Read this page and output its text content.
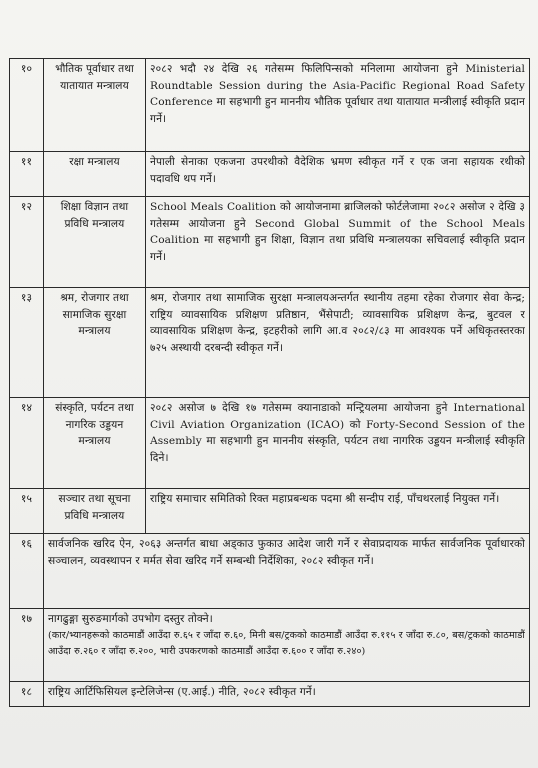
१०	भौतिक पूर्वाधार तथा यातायात मन्त्रालय	२०८२ भदौ २४ देखि २६ गतेसम्म फिलिपिन्सको मनिलामा आयोजना हुने Ministerial Roundtable Session during the Asia-Pacific Regional Road Safety Conference मा सहभागी हुन माननीय भौतिक पूर्वाधार तथा यातायात मन्त्रीलाई स्वीकृति प्रदान गर्ने।
११	रक्षा मन्त्रालय	नेपाली सेनाका एकजना उपरथीको वैदेशिक भ्रमण स्वीकृत गर्ने र एक जना सहायक रथीको पदावधि थप गर्ने।
१२	शिक्षा विज्ञान तथा प्रविधि मन्त्रालय	School Meals Coalition को आयोजनामा ब्राजिलको फोर्टलेजामा २०८२ असोज २ देखि ३ गतेसम्म आयोजना हुने Second Global Summit of the School Meals Coalition मा सहभागी हुन शिक्षा, विज्ञान तथा प्रविधि मन्त्रालयका सचिवलाई स्वीकृति प्रदान गर्ने।
१३	श्रम, रोजगार तथा सामाजिक सुरक्षा मन्त्रालय	श्रम, रोजगार तथा सामाजिक सुरक्षा मन्त्रालयअन्तर्गत स्थानीय तहमा रहेका रोजगार सेवा केन्द्र; राष्ट्रिय व्यावसायिक प्रशिक्षण प्रतिष्ठान, भैंसेपाटी; व्यावसायिक प्रशिक्षण केन्द्र, बुटवल र व्यावसायिक प्रशिक्षण केन्द्र, इटहरीको लागि आ.व २०८२/८३ मा आवश्यक पर्ने अधिकृतस्तरका ७२५ अस्थायी दरबन्दी स्वीकृत गर्ने।
१४	संस्कृति, पर्यटन तथा नागरिक उड्डयन मन्त्रालय	२०८२ असोज ७ देखि १७ गतेसम्म क्यानाडाको मन्ट्रियलमा आयोजना हुने International Civil Aviation Organization (ICAO) को Forty-Second Session of the Assembly मा सहभागी हुन माननीय संस्कृति, पर्यटन तथा नागरिक उड्डयन मन्त्रीलाई स्वीकृति दिने।
१५	सञ्चार तथा सूचना प्रविधि मन्त्रालय	राष्ट्रिय समाचार समितिको रिक्त महाप्रबन्धक पदमा श्री सन्दीप राई, पाँचथरलाई नियुक्त गर्ने।
१६	सार्वजनिक खरिद ऐन, २०६३ अन्तर्गत बाधा अड्काउ फुकाउ आदेश जारी गर्ने र सेवाप्रदायक मार्फत सार्वजनिक पूर्वाधारको सञ्चालन, व्यवस्थापन र मर्मत सेवा खरिद गर्ने सम्बन्धी निर्देशिका, २०८२ स्वीकृत गर्ने।	
१७	नागढुङ्गा सुरुङमार्गको उपभोग दस्तुर तोक्ने।
(कार/भ्यानहरूको काठमाडौं आउँदा रु.६५ र जाँदा रु.६०, मिनी बस/ट्रकको काठमाडौं आउँदा रु.११५ र जाँदा रु.८०, बस/ट्रकको काठमाडौं आउँदा रु.२६० र जाँदा रु.२००, भारी उपकरणको काठमाडौं आउँदा रु.६०० र जाँदा रु.२४०)	

१८	राष्ट्रिय आर्टिफिसियल इन्टेलिजेन्स (ए.आई.) नीति, २०८२ स्वीकृत गर्ने।	
